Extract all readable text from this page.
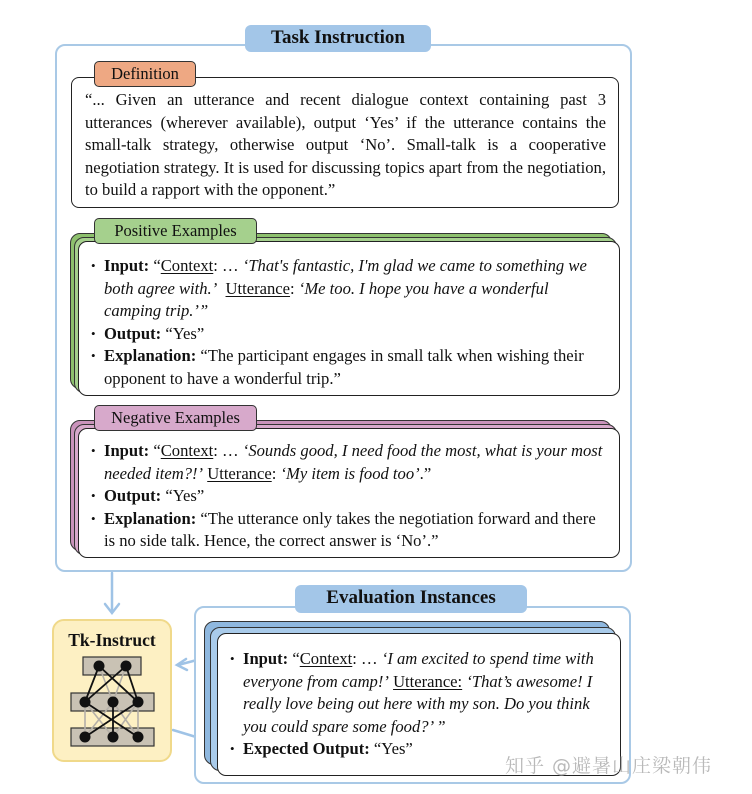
Task Instruction
“... Given an utterance and recent dialogue context containing past 3 utterances (wherever available), output ‘Yes’ if the utterance contains the small-talk strategy, otherwise output ‘No’. Small-talk is a cooperative negotiation strategy. It is used for discussing topics apart from the negotiation, to build a rapport with the opponent.”
Definition
• Input: “Context: … ‘That's fantastic, I'm glad we came to something we both agree with.’ Utterance: ‘Me too. I hope you have a wonderful camping trip.’”
• Output: “Yes”
• Explanation: “The participant engages in small talk when wishing their opponent to have a wonderful trip.”
Positive Examples
• Input: “Context: … ‘Sounds good, I need food the most, what is your most needed item?!’ Utterance: ‘My item is food too’.”
• Output: “Yes”
• Explanation: “The utterance only takes the negotiation forward and there is no side talk. Hence, the correct answer is ‘No’.”
Negative Examples
Tk-Instruct
Evaluation Instances
• Input: “Context: … ‘I am excited to spend time with everyone from camp!’ Utterance: ‘That’s awesome! I really love being out here with my son. Do you think you could spare some food?’ ”
• Expected Output: “Yes”
知乎 @避暑山庄梁朝伟
